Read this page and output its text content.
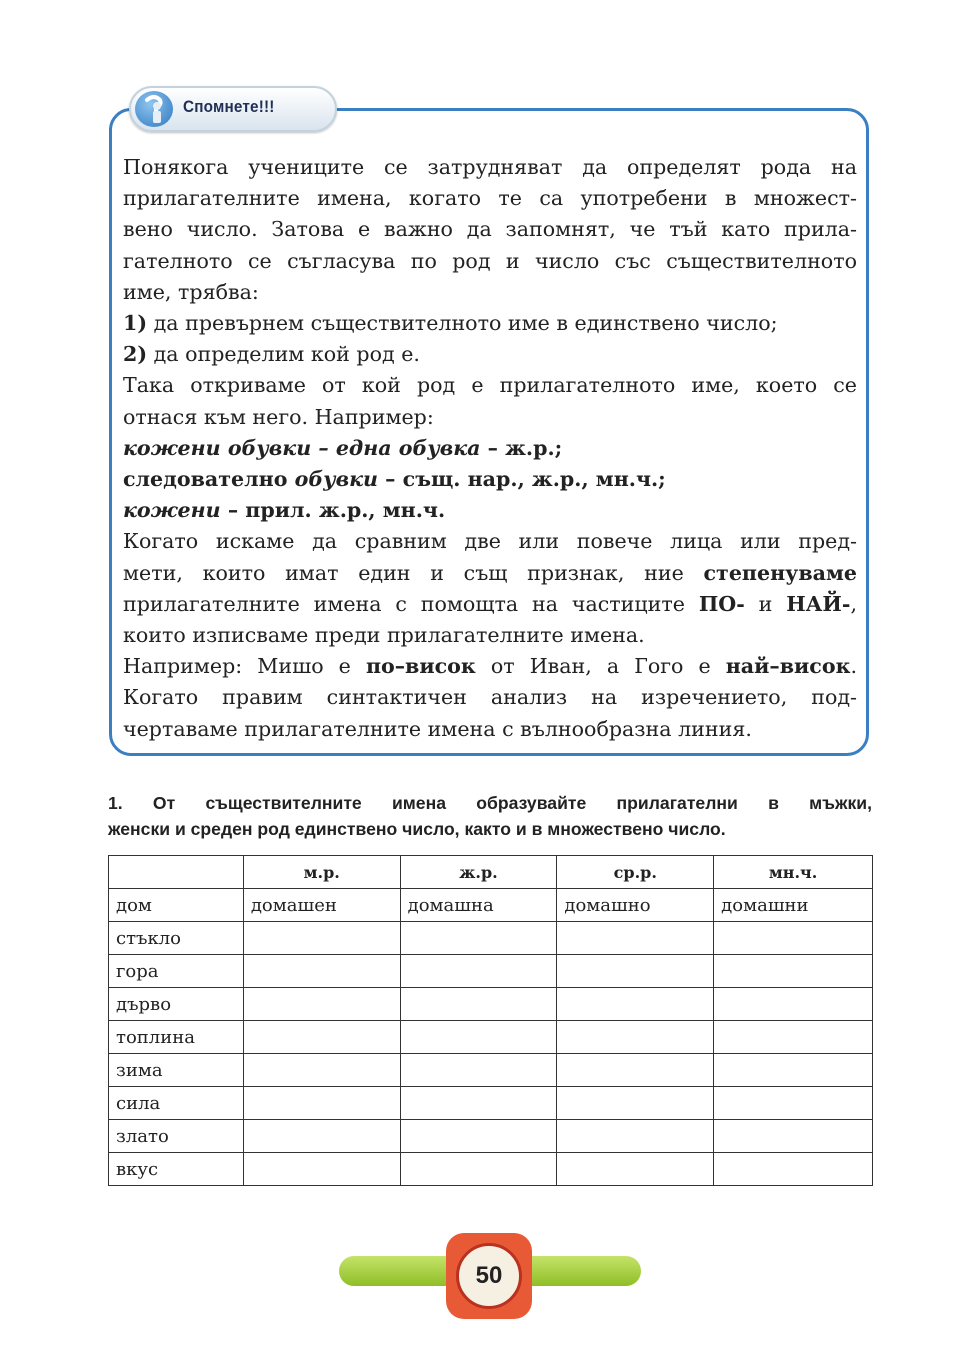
Спомнете!!!

Понякога учениците се затрудняват да определят рода на

прилагателните имена, когато те са употребени в множест-

вено число. Затова е важно да запомнят, че тъй като прила-

гателното се съгласува по род и число със съществителното

име, трябва:

1) да превърнем съществителното име в единствено число;

2) да определим кой род е.

Така откриваме от кой род е прилагателното име, което се

отнася към него. Например:

кожени обувки – една обувка – ж.р.;

следователно обувки – същ. нар., ж.р., мн.ч.;

кожени – прил. ж.р., мн.ч.

Когато искаме да сравним две или повече лица или пред-

мети, които имат един и същ признак, ние степенуваме

прилагателните имена с помощта на частиците ПО- и НАЙ-,

които изписваме преди прилагателните имена.

Например: Мишо е по–висок от Иван, а Гого е най–висок.

Когато правим синтактичен анализ на изречението, под-

чертаваме прилагателните имена с вълнообразна линия.

1. От съществителните имена образувайте прилагателни в мъжки,
женски и среден род единствено число, както и в множествено число.
	м.р.	ж.р.	ср.р.	мн.ч.
дом	домашен	домашна	домашно	домашни
стъкло				
гора				
дърво				
топлина				
зима				
сила				
злато				
вкус				
50
